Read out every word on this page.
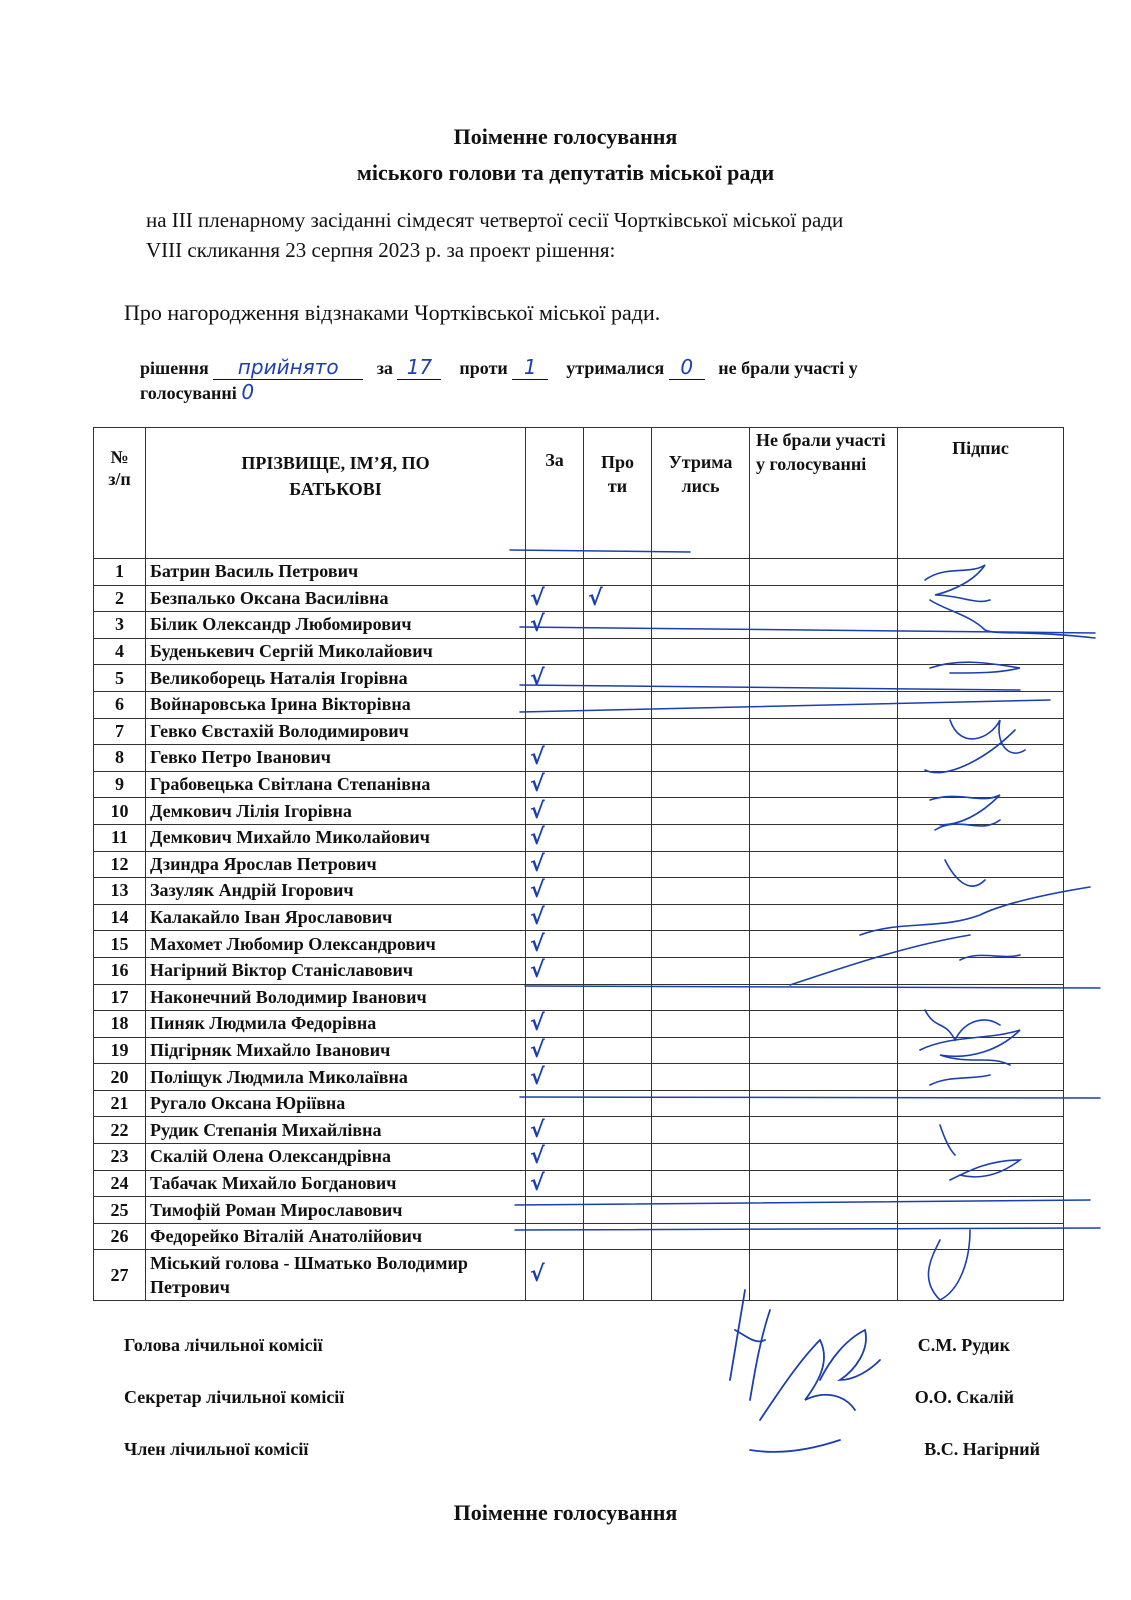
Поіменне голосування
міського голови та депутатів міської ради
на ІІІ пленарному засіданні сімдесят четвертої сесії Чортківської міської ради
VIIІ скликання 23 серпня 2023 р. за проект рішення:
Про нагородження відзнаками Чортківської міської ради.
рішення прийнято за 17 проти 1 утрималися 0 не брали участі у
голосуванні 0
№
з/п	ПРІЗВИЩЕ, ІМ’Я, ПО БАТЬКОВІ	За	Про ти	Утрима лись	Не брали участі у голосуванні	Підпис
1	Батрин Василь Петрович					
2	Безпалько Оксана Василівна	√	√			
3	Білик Олександр Любомирович	√				
4	Буденькевич Сергій Миколайович					
5	Великоборець Наталія Ігорівна	√				
6	Войнаровська Ірина Вікторівна					
7	Гевко Євстахій Володимирович					
8	Гевко Петро Іванович	√				
9	Грабовецька Світлана Степанівна	√				
10	Демкович Лілія Ігорівна	√				
11	Демкович Михайло Миколайович	√				
12	Дзиндра Ярослав Петрович	√				
13	Зазуляк Андрій Ігорович	√				
14	Калакайло Іван Ярославович	√				
15	Махомет Любомир Олександрович	√				
16	Нагірний Віктор Станіславович	√				
17	Наконечний Володимир Іванович					
18	Пиняк Людмила Федорівна	√				
19	Підгірняк Михайло Іванович	√				
20	Поліщук Людмила Миколаївна	√				
21	Ругало Оксана Юріївна					
22	Рудик Степанія Михайлівна	√				
23	Скалій Олена Олександрівна	√				
24	Табачак Михайло Богданович	√				
25	Тимофій Роман Мирославович					
26	Федорейко Віталій Анатолійович					
27	Міський голова - Шматько Володимир Петрович	√				
Голова лічильної комісії	С.М. Рудик
Секретар лічильної комісії	О.О. Скалій
Член лічильної комісії	В.С. Нагірний
Поіменне голосування
